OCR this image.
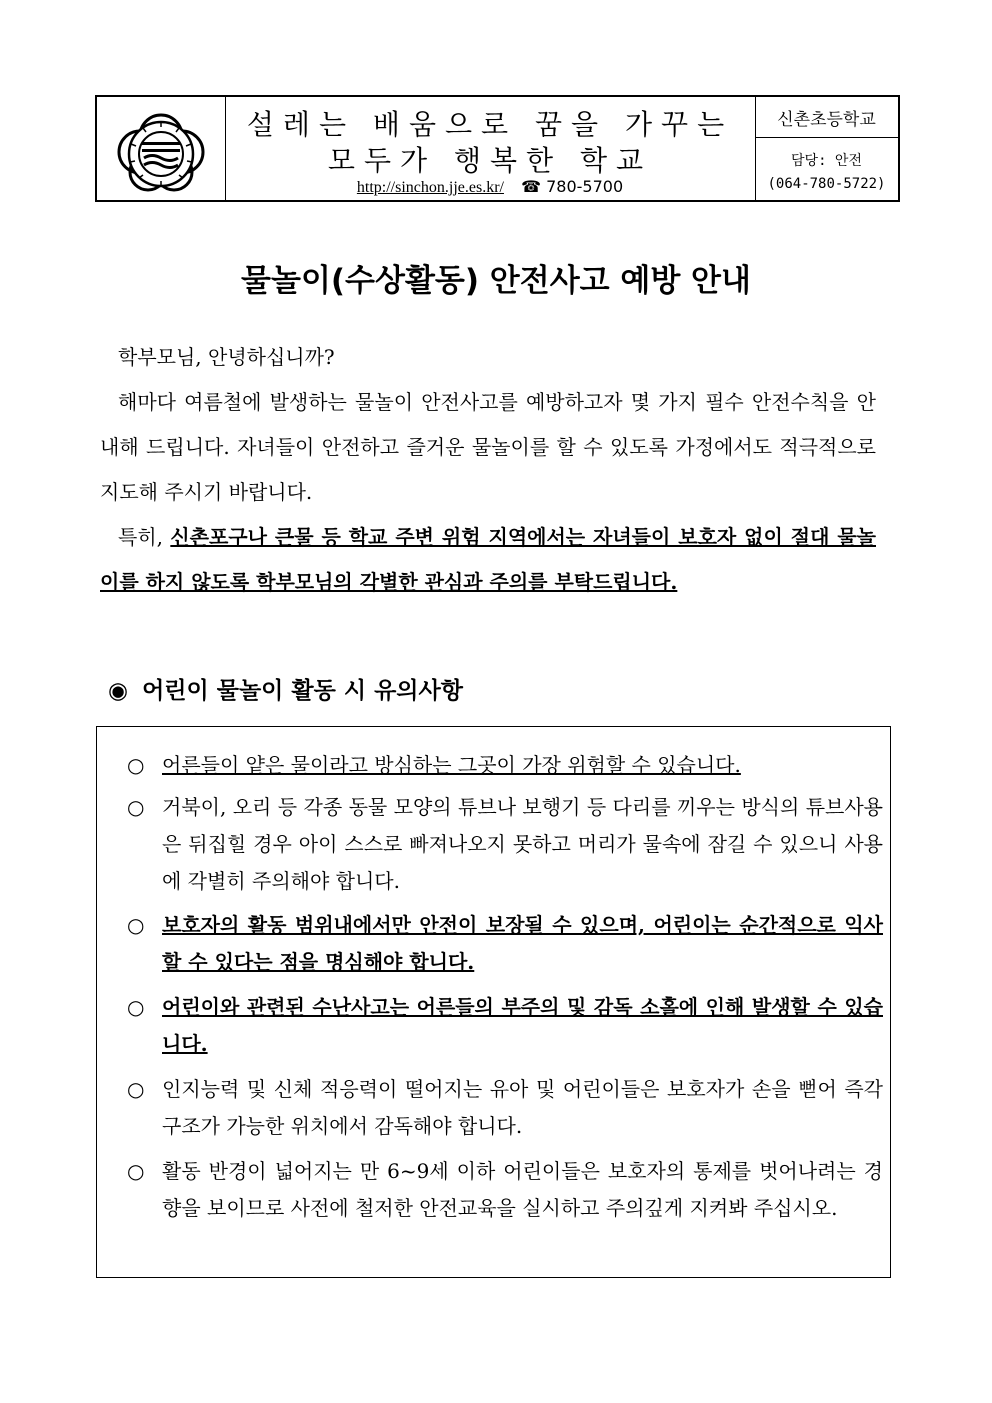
설레는 배움으로 꿈을 가꾸는
모두가 행복한 학교
http://sinchon.jje.es.kr/ ☎ 780-5700
신촌초등학교
담당: 안전
(064-780-5722)
물놀이(수상활동) 안전사고 예방 안내
학부모님, 안녕하십니까?
해마다 여름철에 발생하는 물놀이 안전사고를 예방하고자 몇 가지 필수 안전수칙을 안내해 드립니다. 자녀들이 안전하고 즐거운 물놀이를 할 수 있도록 가정에서도 적극적으로 지도해 주시기 바랍니다.
특히, 신촌포구나 큰물 등 학교 주변 위험 지역에서는 자녀들이 보호자 없이 절대 물놀이를 하지 않도록 학부모님의 각별한 관심과 주의를 부탁드립니다.
◉ 어린이 물놀이 활동 시 유의사항
○ 어른들이 얕은 물이라고 방심하는 그곳이 가장 위험할 수 있습니다.
○ 거북이, 오리 등 각종 동물 모양의 튜브나 보행기 등 다리를 끼우는 방식의 튜브사용은 뒤집힐 경우 아이 스스로 빠져나오지 못하고 머리가 물속에 잠길 수 있으니 사용에 각별히 주의해야 합니다.
○ 보호자의 활동 범위내에서만 안전이 보장될 수 있으며, 어린이는 순간적으로 익사할 수 있다는 점을 명심해야 합니다.
○ 어린이와 관련된 수난사고는 어른들의 부주의 및 감독 소홀에 인해 발생할 수 있습니다.
○ 인지능력 및 신체 적응력이 떨어지는 유아 및 어린이들은 보호자가 손을 뻗어 즉각 구조가 가능한 위치에서 감독해야 합니다.
○ 활동 반경이 넓어지는 만 6~9세 이하 어린이들은 보호자의 통제를 벗어나려는 경향을 보이므로 사전에 철저한 안전교육을 실시하고 주의깊게 지켜봐 주십시오.
